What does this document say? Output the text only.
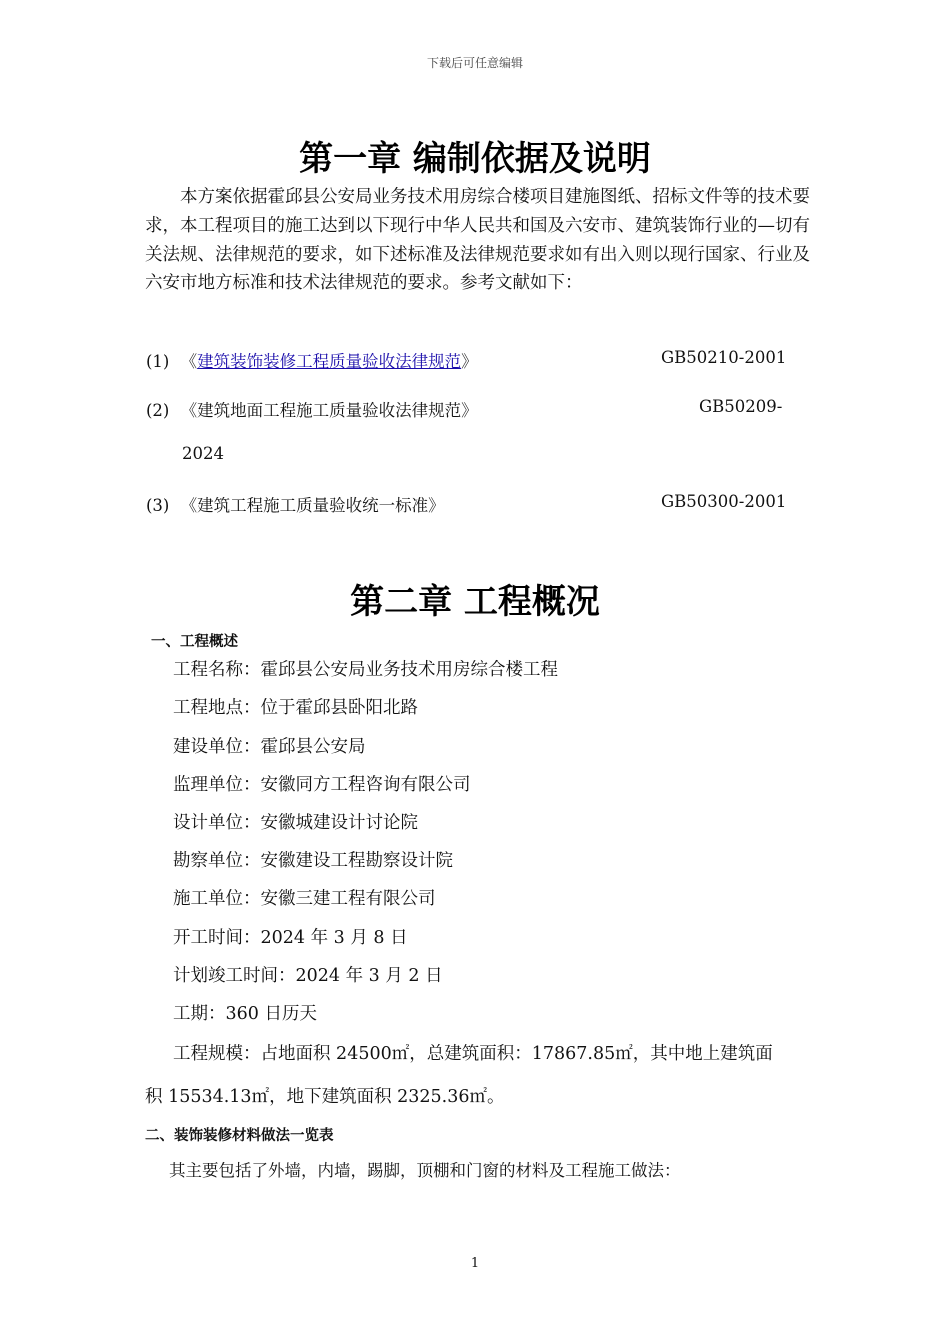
下载后可任意编辑
第一章 编制依据及说明
本方案依据霍邱县公安局业务技术用房综合楼项目建施图纸、招标文件等的技术要求，本工程项目的施工达到以下现行中华人民共和国及六安市、建筑装饰行业的—切有关法规、法律规范的要求，如下述标准及法律规范要求如有出入则以现行国家、行业及六安市地方标准和技术法律规范的要求。参考文献如下：
(1) 《建筑装饰装修工程质量验收法律规范》	GB50210-2001
(2) 《建筑地面工程施工质量验收法律规范》	GB50209-
2024
(3) 《建筑工程施工质量验收统一标准》	GB50300-2001
第二章 工程概况
一、工程概述
工程名称：霍邱县公安局业务技术用房综合楼工程
工程地点：位于霍邱县卧阳北路
建设单位：霍邱县公安局
监理单位：安徽同方工程咨询有限公司
设计单位：安徽城建设计讨论院
勘察单位：安徽建设工程勘察设计院
施工单位：安徽三建工程有限公司
开工时间：2024 年 3 月 8 日
计划竣工时间：2024 年 3 月 2 日
工期：360 日历天
工程规模：占地面积 24500㎡，总建筑面积：17867.85㎡，其中地上建筑面
积 15534.13㎡，地下建筑面积 2325.36㎡。
二、装饰装修材料做法一览表
其主要包括了外墙，内墙，踢脚，顶棚和门窗的材料及工程施工做法：
1
